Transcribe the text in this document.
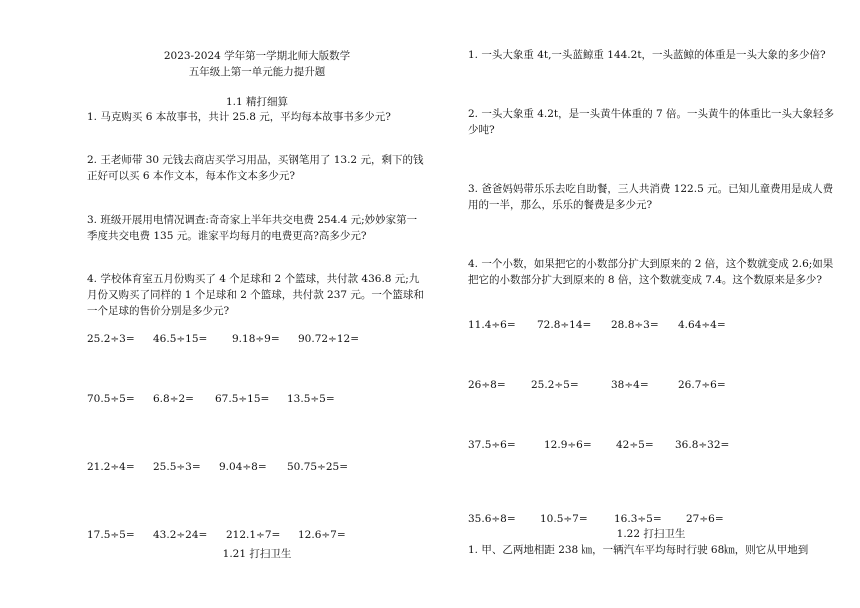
2023-2024 学年第一学期北师大版数学
五年级上第一单元能力提升题
1.1 精打细算
1. 马克购买 6 本故事书，共计 25.8 元，平均每本故事书多少元?
2. 王老师带 30 元钱去商店买学习用品，买钢笔用了 13.2 元，剩下的钱正好可以买 6 本作文本，每本作文本多少元?
3. 班级开展用电情况调查:奇奇家上半年共交电费 254.4 元;妙妙家第一季度共交电费 135 元。谁家平均每月的电费更高?高多少元?
4. 学校体育室五月份购买了 4 个足球和 2 个篮球，共付款 436.8 元;九月份又购买了同样的 1 个足球和 2 个篮球，共付款 237 元。一个篮球和一个足球的售价分别是多少元?
25.2÷3= 46.5÷15= 9.18÷9= 90.72÷12=
70.5÷5= 6.8÷2= 67.5÷15= 13.5÷5=
21.2÷4= 25.5÷3= 9.04÷8= 50.75÷25=
17.5÷5= 43.2÷24= 212.1÷7= 12.6÷7=
1.21 打扫卫生
1. 一头大象重 4t,一头蓝鲸重 144.2t，一头蓝鲸的体重是一头大象的多少倍?
2. 一头大象重 4.2t，是一头黄牛体重的 7 倍。一头黄牛的体重比一头大象轻多少吨?
3. 爸爸妈妈带乐乐去吃自助餐，三人共消费 122.5 元。已知儿童费用是成人费用的一半，那么，乐乐的餐费是多少元?
4. 一个小数，如果把它的小数部分扩大到原来的 2 倍，这个数就变成 2.6;如果把它的小数部分扩大到原来的 8 倍，这个数就变成 7.4。这个数原来是多少?
11.4÷6= 72.8÷14= 28.8÷3= 4.64÷4=
26÷8= 25.2÷5=	38÷4=	26.7÷6=
37.5÷6=	12.9÷6= 42÷5= 36.8÷32=
35.6÷8= 10.5÷7=	16.3÷5= 27÷6=
1.22 打扫卫生
1. 甲、乙两地相距 238 ㎞，一辆汽车平均每时行驶 68㎞，则它从甲地到
